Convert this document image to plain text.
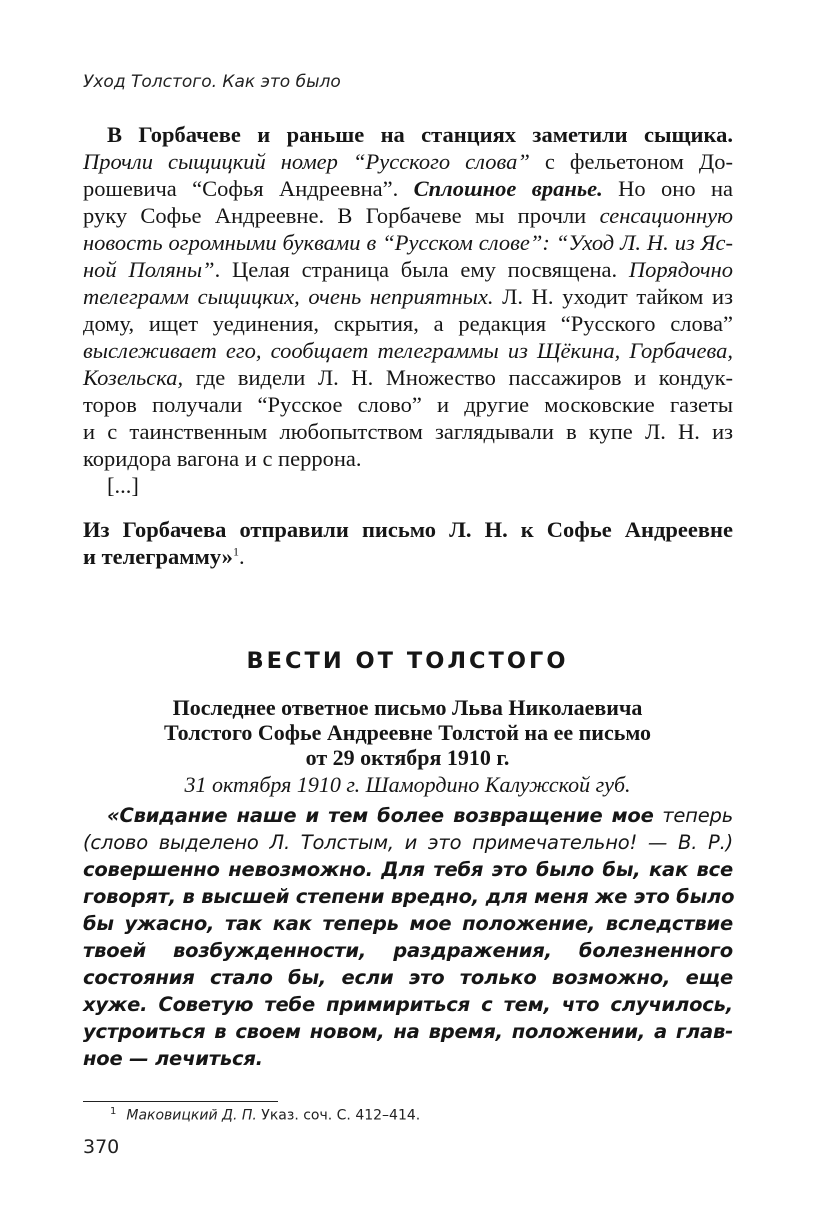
Уход Толстого. Как это было
В Горбачеве и раньше на станциях заметили сыщика.
Прочли сыщицкий номер “Русского слова” с фельетоном До-
рошевича “Софья Андреевна”. Сплошное вранье. Но оно на
руку Софье Андреевне. В Горбачеве мы прочли сенсационную
новость огромными буквами в “Русском слове”: “Уход Л. Н. из Яс-
ной Поляны”. Целая страница была ему посвящена. Порядочно
телеграмм сыщицких, очень неприятных. Л. Н. уходит тайком из
дому, ищет уединения, скрытия, а редакция “Русского слова”
выслеживает его, сообщает телеграммы из Щёкина, Горбачева,
Козельска, где видели Л. Н. Множество пассажиров и кондук-
торов получали “Русское слово” и другие московские газеты
и с таинственным любопытством заглядывали в купе Л. Н. из
коридора вагона и с перрона.
[...]
Из Горбачева отправили письмо Л. Н. к Софье Андреевне
и телеграмму»$^1$.
ВЕСТИ ОТ ТОЛСТОГО
Последнее ответное письмо Льва Николаевича
Толстого Софье Андреевне Толстой на ее письмо
от 29 октября 1910 г.
31 октября 1910 г. Шамордино Калужской губ.
«Свидание наше и тем более возвращение мое теперь
(слово выделено Л. Толстым, и это примечательно! — В. Р.)
совершенно невозможно. Для тебя это было бы, как все
говорят, в высшей степени вредно, для меня же это было
бы ужасно, так как теперь мое положение, вследствие
твоей возбужденности, раздражения, болезненного
состояния стало бы, если это только возможно, еще
хуже. Советую тебе примириться с тем, что случилось,
устроиться в своем новом, на время, положении, а глав-
ное — лечиться.
$^1$ Маковицкий Д. П. Указ. соч. С. 412–414.
370
